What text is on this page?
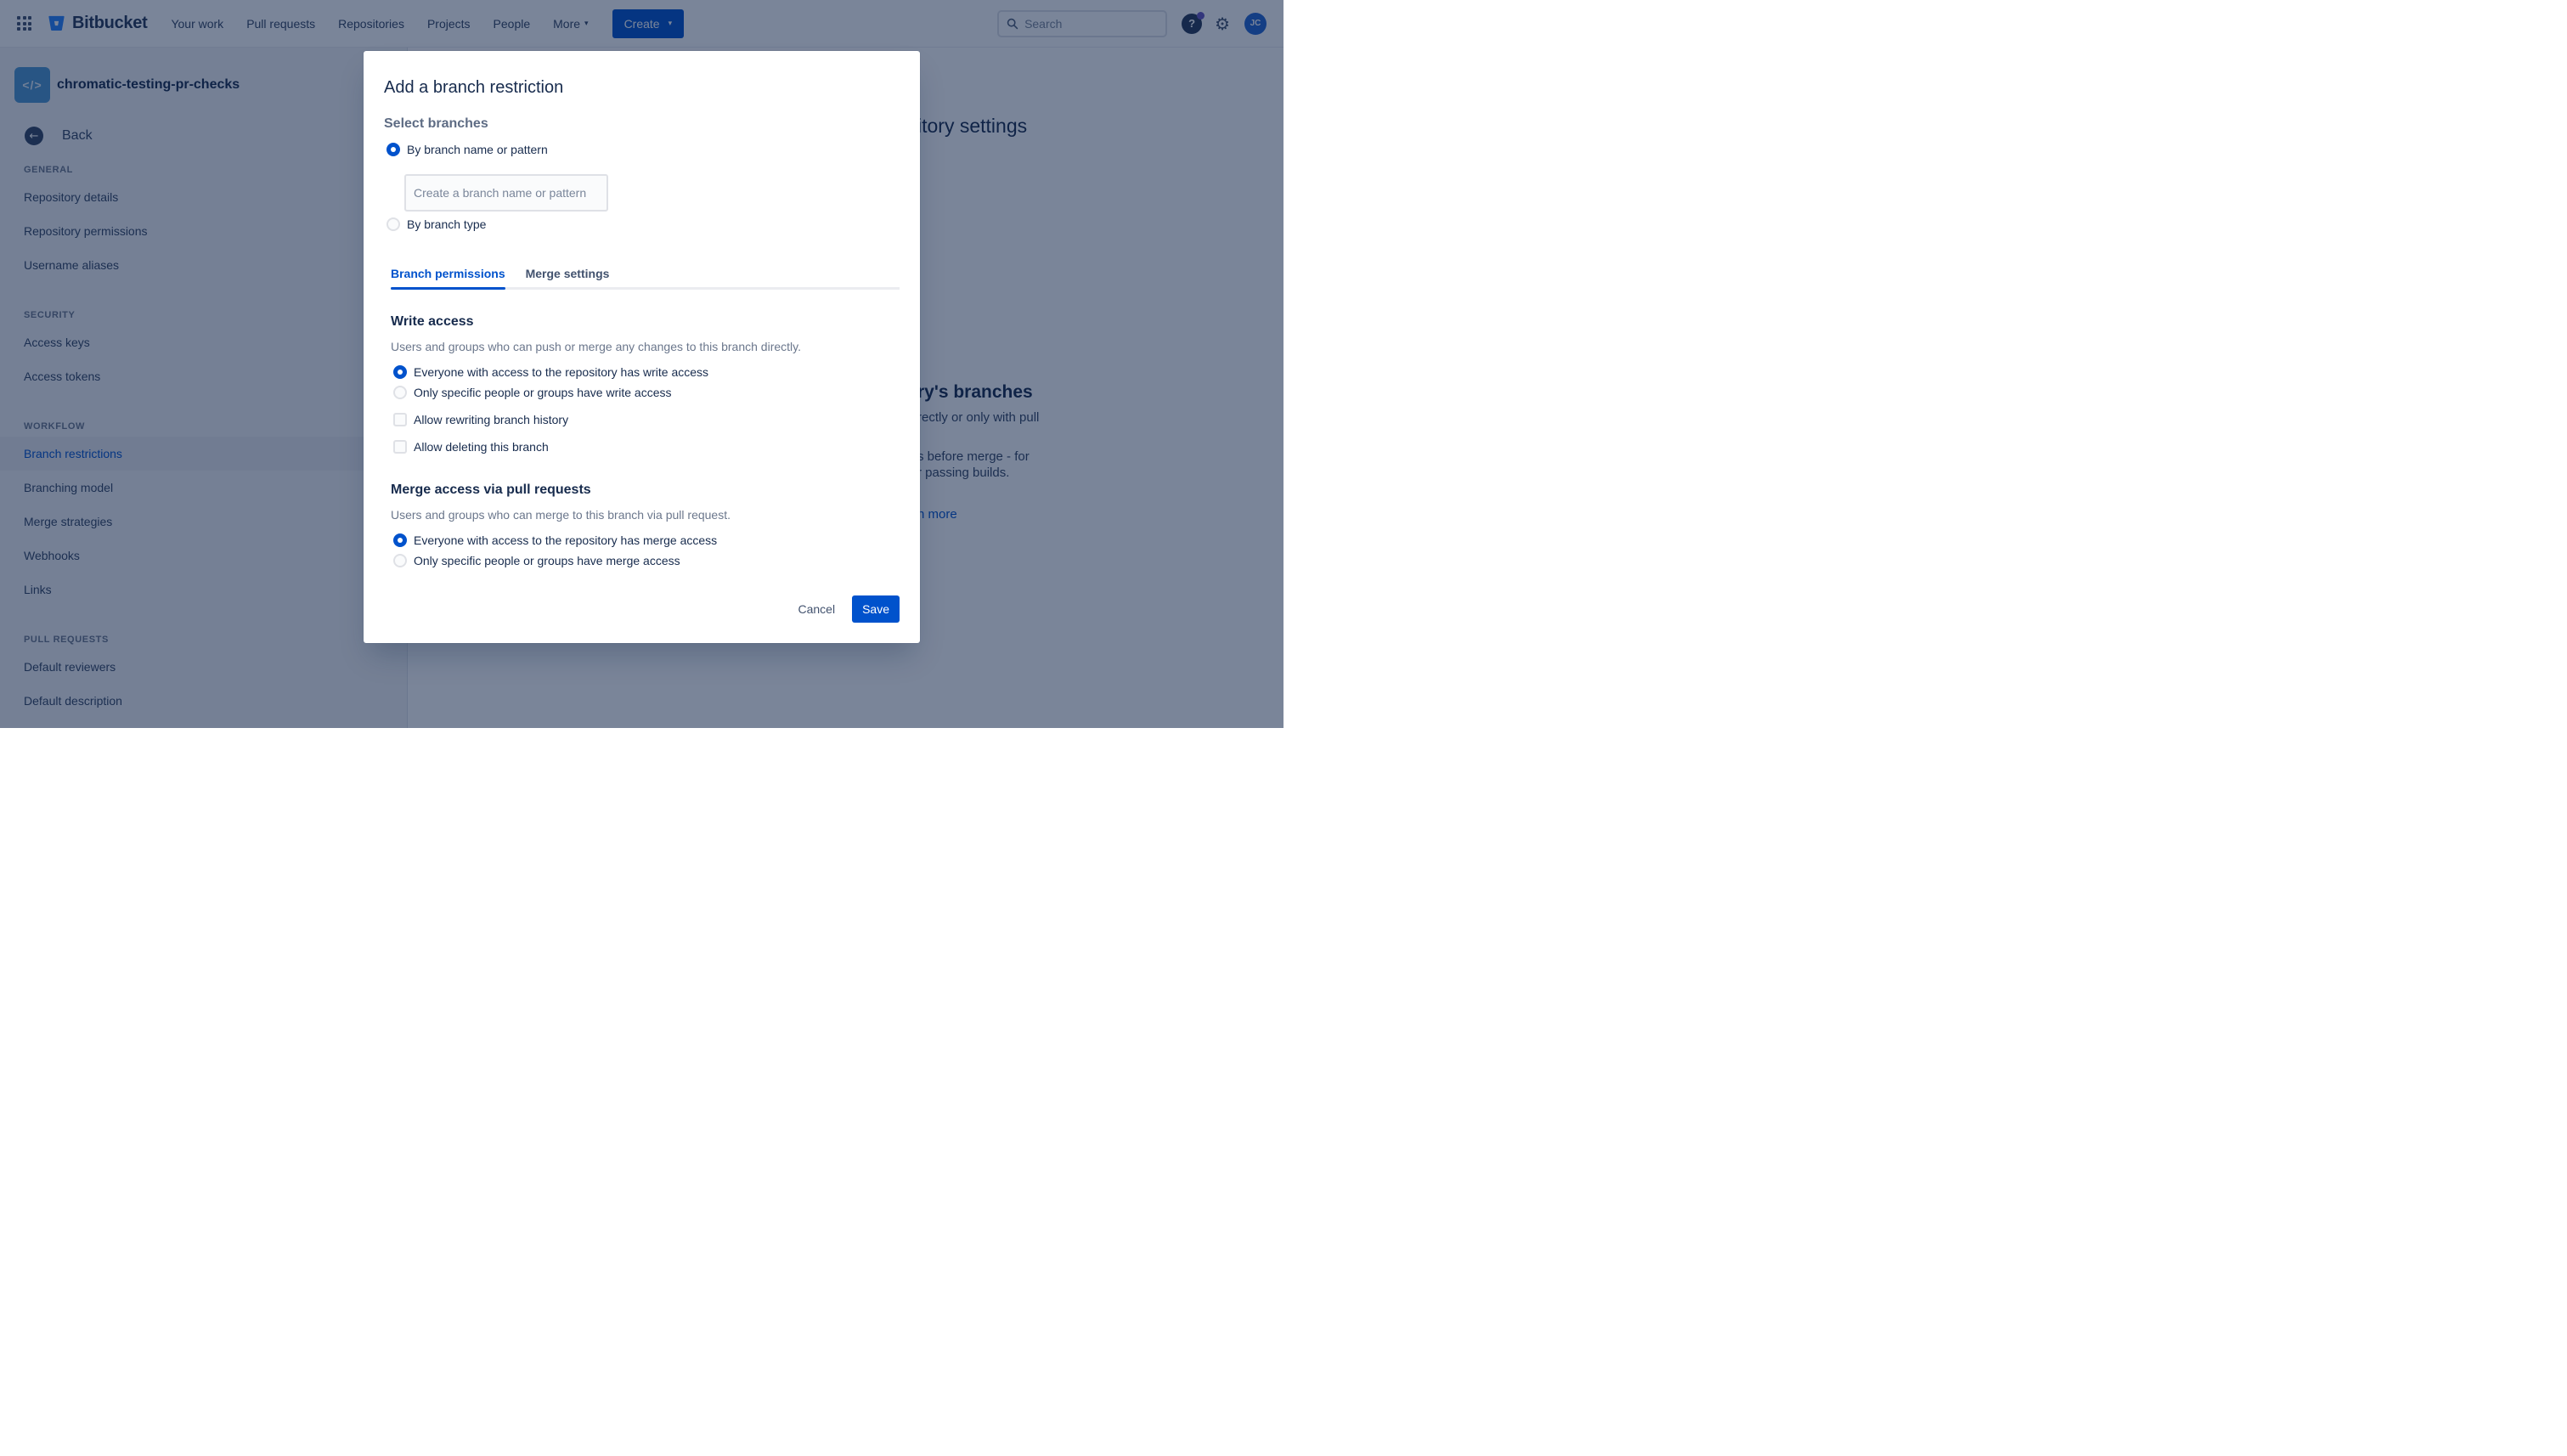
Search
Add a branch restriction
Select branches
By branch name or pattern
Create a branch name or pattern
By branch type
Branch permissions Merge settings
Write access
Users and groups who can push or merge any changes to this branch directly.
Everyone with access to the repository has write access
Only specific people or groups have write access
Allow rewriting branch history
Allow deleting this branch
Merge access via pull requests
Users and groups who can merge to this branch via pull request.
Everyone with access to the repository has merge access
Only specific people or groups have merge access
Cancel	Save
